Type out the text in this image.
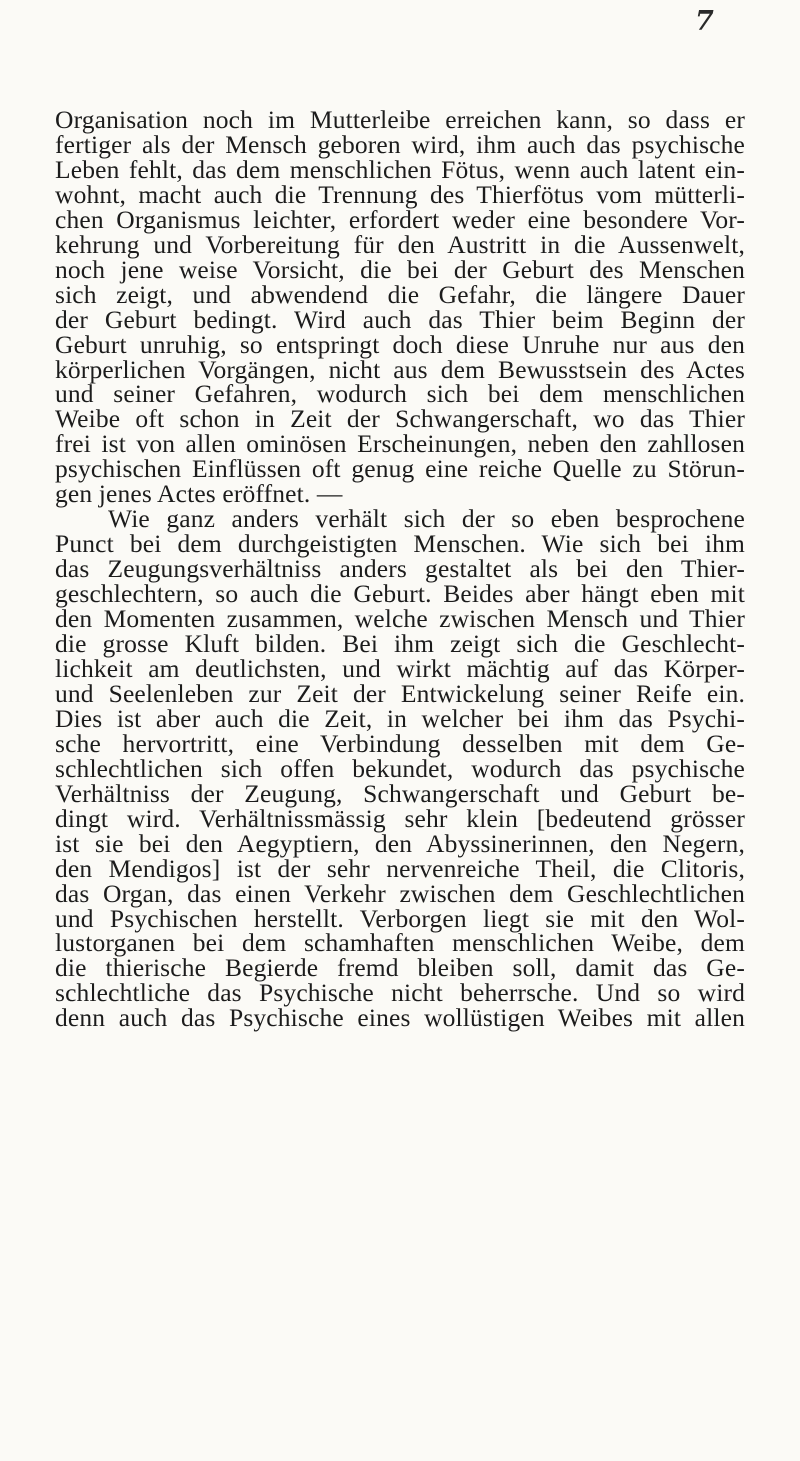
7
Organisation noch im Mutterleibe erreichen kann, so dass er
fertiger als der Mensch geboren wird, ihm auch das psychische
Leben fehlt, das dem menschlichen Fötus, wenn auch latent ein-
wohnt, macht auch die Trennung des Thierfötus vom mütterli-
chen Organismus leichter, erfordert weder eine besondere Vor-
kehrung und Vorbereitung für den Austritt in die Aussenwelt,
noch jene weise Vorsicht, die bei der Geburt des Menschen
sich zeigt, und abwendend die Gefahr, die längere Dauer
der Geburt bedingt. Wird auch das Thier beim Beginn der
Geburt unruhig, so entspringt doch diese Unruhe nur aus den
körperlichen Vorgängen, nicht aus dem Bewusstsein des Actes
und seiner Gefahren, wodurch sich bei dem menschlichen
Weibe oft schon in Zeit der Schwangerschaft, wo das Thier
frei ist von allen ominösen Erscheinungen, neben den zahllosen
psychischen Einflüssen oft genug eine reiche Quelle zu Störun-
gen jenes Actes eröffnet. —
Wie ganz anders verhält sich der so eben besprochene
Punct bei dem durchgeistigten Menschen. Wie sich bei ihm
das Zeugungsverhältniss anders gestaltet als bei den Thier-
geschlechtern, so auch die Geburt. Beides aber hängt eben mit
den Momenten zusammen, welche zwischen Mensch und Thier
die grosse Kluft bilden. Bei ihm zeigt sich die Geschlecht-
lichkeit am deutlichsten, und wirkt mächtig auf das Körper-
und Seelenleben zur Zeit der Entwickelung seiner Reife ein.
Dies ist aber auch die Zeit, in welcher bei ihm das Psychi-
sche hervortritt, eine Verbindung desselben mit dem Ge-
schlechtlichen sich offen bekundet, wodurch das psychische
Verhältniss der Zeugung, Schwangerschaft und Geburt be-
dingt wird. Verhältnissmässig sehr klein [bedeutend grösser
ist sie bei den Aegyptiern, den Abyssinerinnen, den Negern,
den Mendigos] ist der sehr nervenreiche Theil, die Clitoris,
das Organ, das einen Verkehr zwischen dem Geschlechtlichen
und Psychischen herstellt. Verborgen liegt sie mit den Wol-
lustorganen bei dem schamhaften menschlichen Weibe, dem
die thierische Begierde fremd bleiben soll, damit das Ge-
schlechtliche das Psychische nicht beherrsche. Und so wird
denn auch das Psychische eines wollüstigen Weibes mit allen
